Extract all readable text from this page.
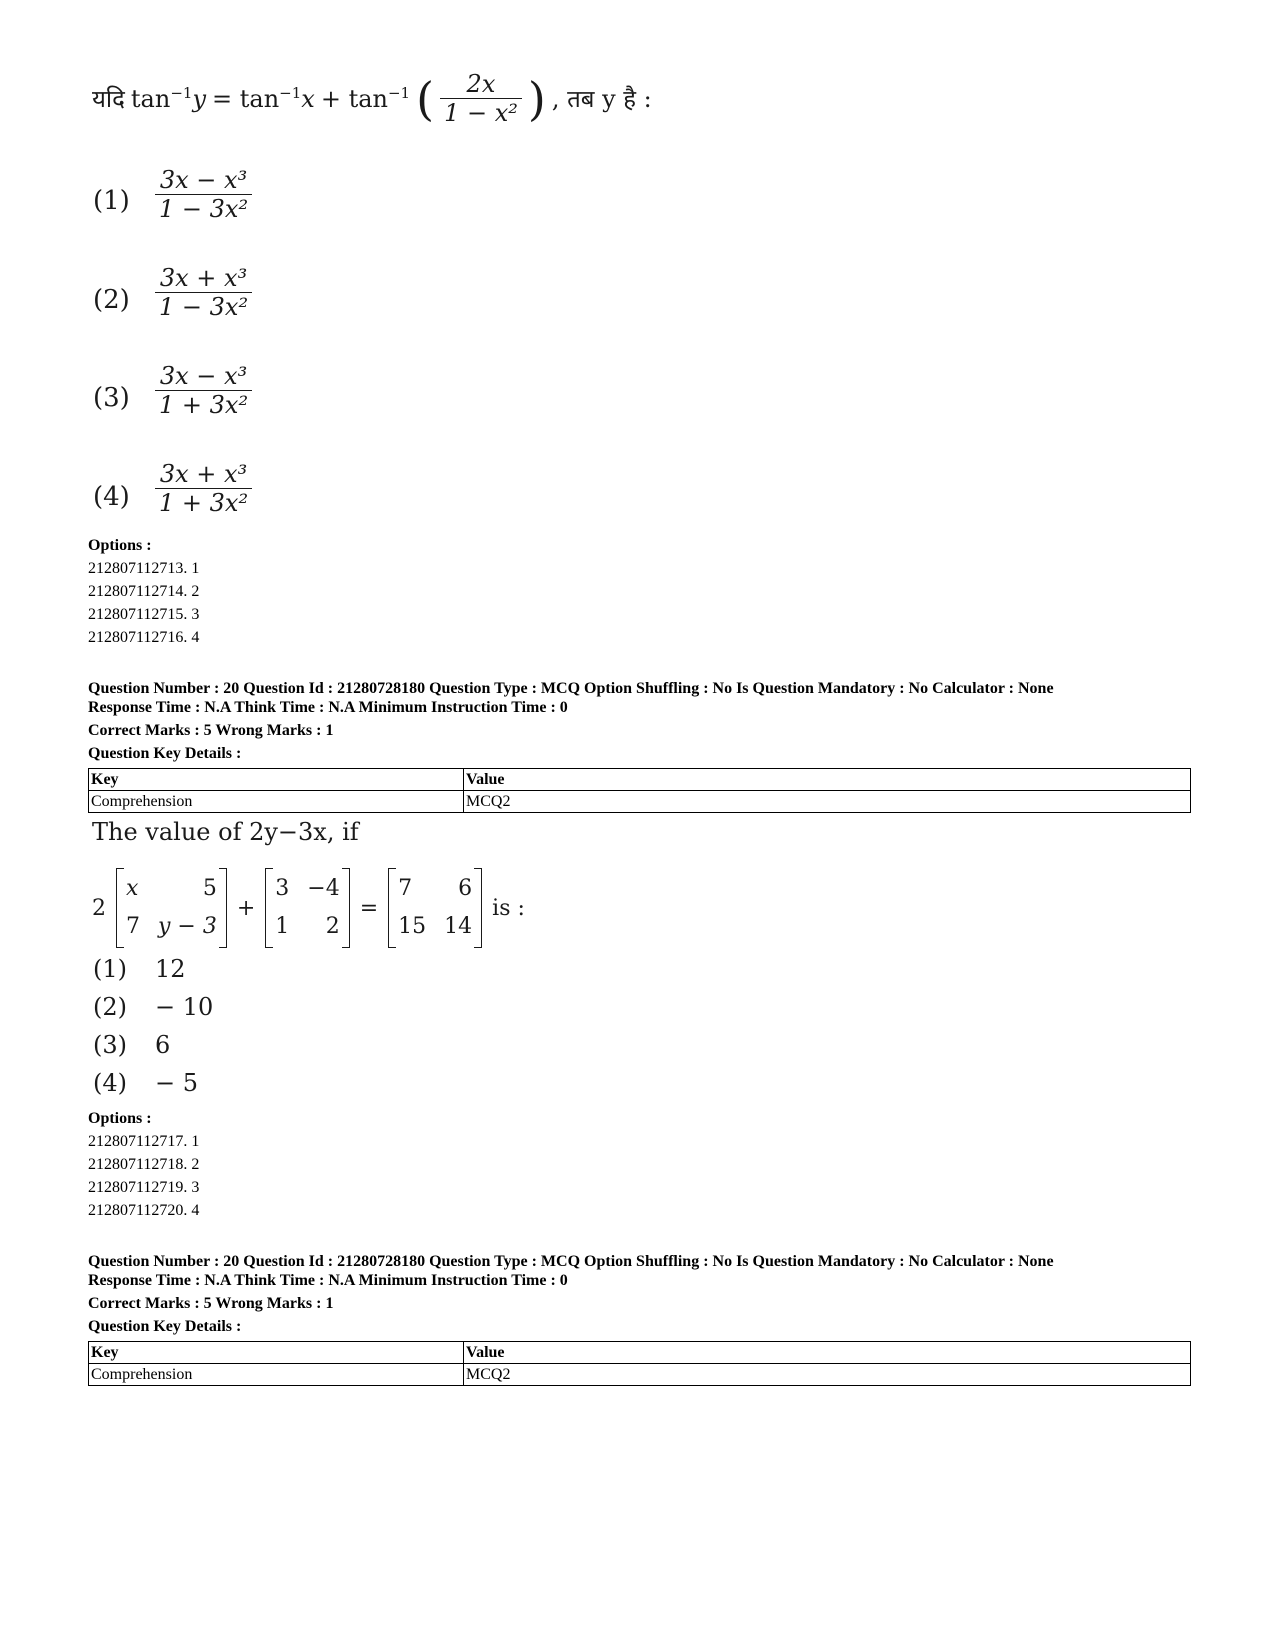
यदि $\tan^{-1}y = \tan^{-1}x + \tan^{-1}$ ( $\frac{2x}{\text{1 − x²}}$ ) , तब y है :
$(1) \frac{\text{3x − x³}}{\text{1 − 3x²}}$
$(2) \frac{\text{3x + x³}}{\text{1 − 3x²}}$
$(3) \frac{\text{3x − x³}}{\text{1 + 3x²}}$
$(4) \frac{\text{3x + x³}}{\text{1 + 3x²}}$
Options :
212807112713. 1
212807112714. 2
212807112715. 3
212807112716. 4
Question Number : 20 Question Id : 21280728180 Question Type : MCQ Option Shuffling : No Is Question Mandatory : No Calculator : None
Response Time : N.A Think Time : N.A Minimum Instruction Time : 0
Correct Marks : 5 Wrong Marks : 1
Question Key Details :
Key	Value
Comprehension	MCQ2
The value of 2y−3x, if
2
x	5
7 y − 3
+
3 −4
1 2
=
7 6
15 14
is :
(1) 12
(2) − 10
(3) 6
(4) − 5
Options :
212807112717. 1
212807112718. 2
212807112719. 3
212807112720. 4
Question Number : 20 Question Id : 21280728180 Question Type : MCQ Option Shuffling : No Is Question Mandatory : No Calculator : None
Response Time : N.A Think Time : N.A Minimum Instruction Time : 0
Correct Marks : 5 Wrong Marks : 1
Question Key Details :
Key	Value
Comprehension	MCQ2
